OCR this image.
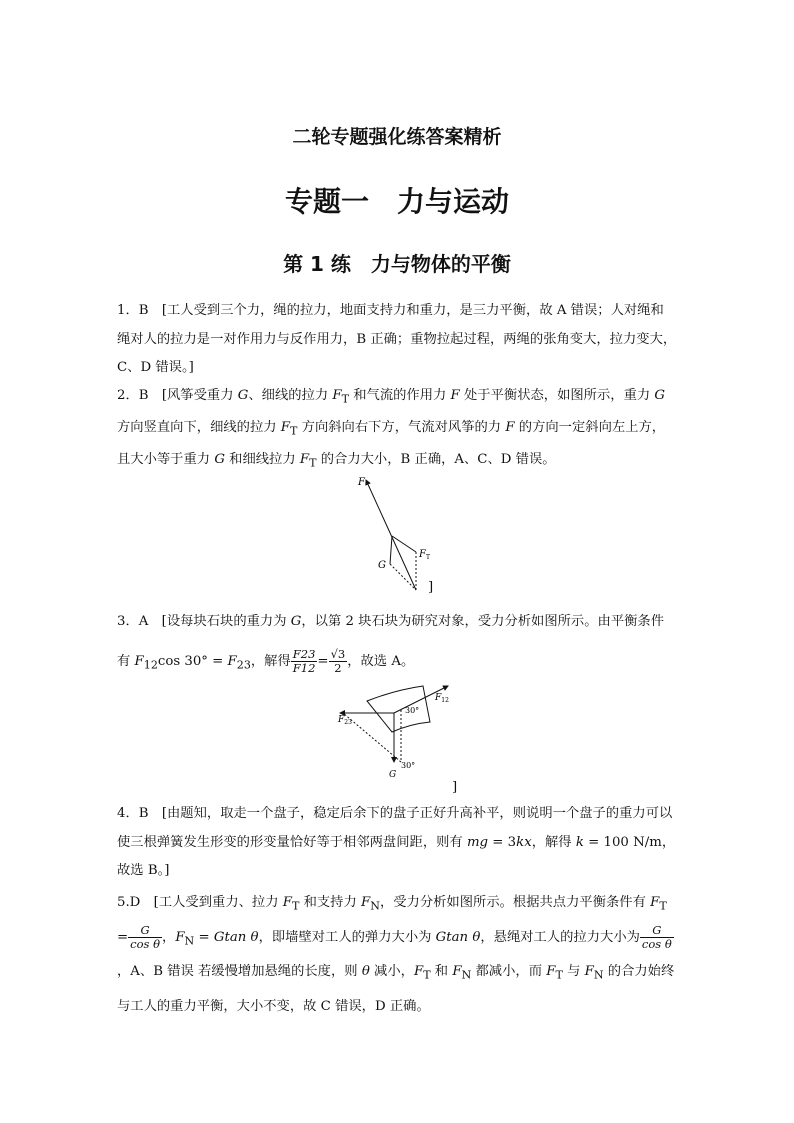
二轮专题强化练答案精析
专题一　力与运动
第 1 练　力与物体的平衡

1．B　[工人受到三个力，绳的拉力，地面支持力和重力，是三力平衡，故 A 错误；人对绳和绳对人的拉力是一对作用力与反作用力，B 正确；重物拉起过程，两绳的张角变大，拉力变大，C、D 错误。]

2．B　[风筝受重力 G、细线的拉力 $F_T$ 和气流的作用力 F 处于平衡状态，如图所示，重力 G 方向竖直向下，细线的拉力 $F_T$ 方向斜向右下方，气流对风筝的力 F 的方向一定斜向左上方，且大小等于重力 G 和细线拉力 $F_T$ 的合力大小，B 正确，A、C、D 错误。

F
$F_T$
G
]

3．A　[设每块石块的重力为 G，以第 2 块石块为研究对象，受力分析如图所示。由平衡条件有 $F_{12}\cos$ $30^\circ = F_{23}$，解得 $\frac{F23}{F12} = \frac{√3}{2}$ ，故选 A。

$F_{12}$
$F_{23}$
30°
30°
G
]

4．B　[由题知，取走一个盘子，稳定后余下的盘子正好升高补平，则说明一个盘子的重力可以使三根弹簧发生形变的形变量恰好等于相邻两盘间距，则有 mg = 3kx，解得 k = 100 N/m，故选 B。]

5.D　[工人受到重力、拉力 $F_T$ 和支持力 $F_N$，受力分析如图所示。根据共点力平衡条件有 $F_T = \frac{G}{\text{cos θ}}$ ，$F_N = Gtan$ θ，即墙壁对工人的弹力大小为 Gtan θ，悬绳对工人的拉力大小为 $\frac{G}{\text{cos θ}}$
，A、B 错误 若缓慢增加悬绳的长度，则 θ 减小，$F_T$ 和 $F_N$ 都减小，而 $F_T$ 与 $F_N$ 的合力始终与工人的重力平衡，大小不变，故 C 错误，D 正确。
